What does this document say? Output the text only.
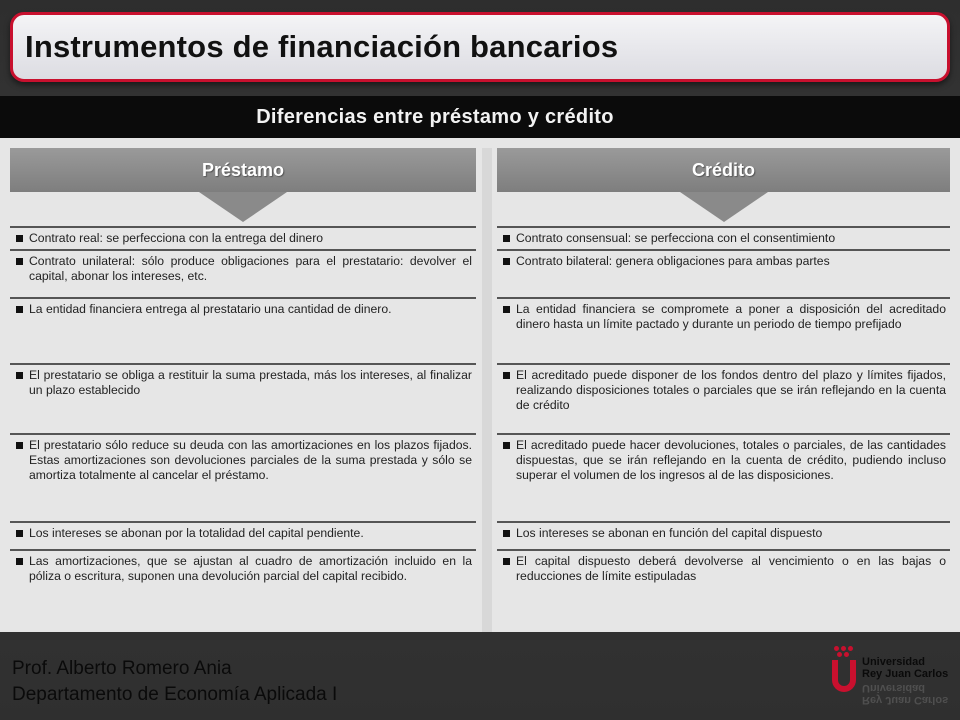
Instrumentos de financiación bancarios
Diferencias entre préstamo y crédito
Préstamo
Contrato real: se perfecciona con la entrega del dinero
Contrato unilateral: sólo produce obligaciones para el prestatario: devolver el capital, abonar los intereses, etc.
La entidad financiera entrega al prestatario una cantidad de dinero.
El prestatario se obliga a restituir la suma prestada, más los intereses, al finalizar un plazo establecido
El prestatario sólo reduce su deuda con las amortizaciones en los plazos fijados. Estas amortizaciones son devoluciones parciales de la suma prestada y sólo se amortiza totalmente al cancelar el préstamo.
Los intereses se abonan por la totalidad del capital pendiente.
Las amortizaciones, que se ajustan al cuadro de amortización incluido en la póliza o escritura, suponen una devolución parcial del capital recibido.
Crédito
Contrato consensual: se perfecciona con el consentimiento
Contrato bilateral: genera obligaciones para ambas partes
La entidad financiera se compromete a poner a disposición del acreditado dinero hasta un límite pactado y durante un periodo de tiempo prefijado
El acreditado puede disponer de los fondos dentro del plazo y límites fijados, realizando disposiciones totales o parciales que se irán reflejando en la cuenta de crédito
El acreditado puede hacer devoluciones, totales o parciales, de las cantidades dispuestas, que se irán reflejando en la cuenta de crédito, pudiendo incluso superar el volumen de los ingresos al de las disposiciones.
Los intereses se abonan en función del capital dispuesto
El capital dispuesto deberá devolverse al vencimiento o en las bajas o reducciones de límite estipuladas
Prof. Alberto Romero Ania
Departamento de Economía Aplicada I
Universidad
Rey Juan Carlos
Rey Juan Carlos
Universidad
